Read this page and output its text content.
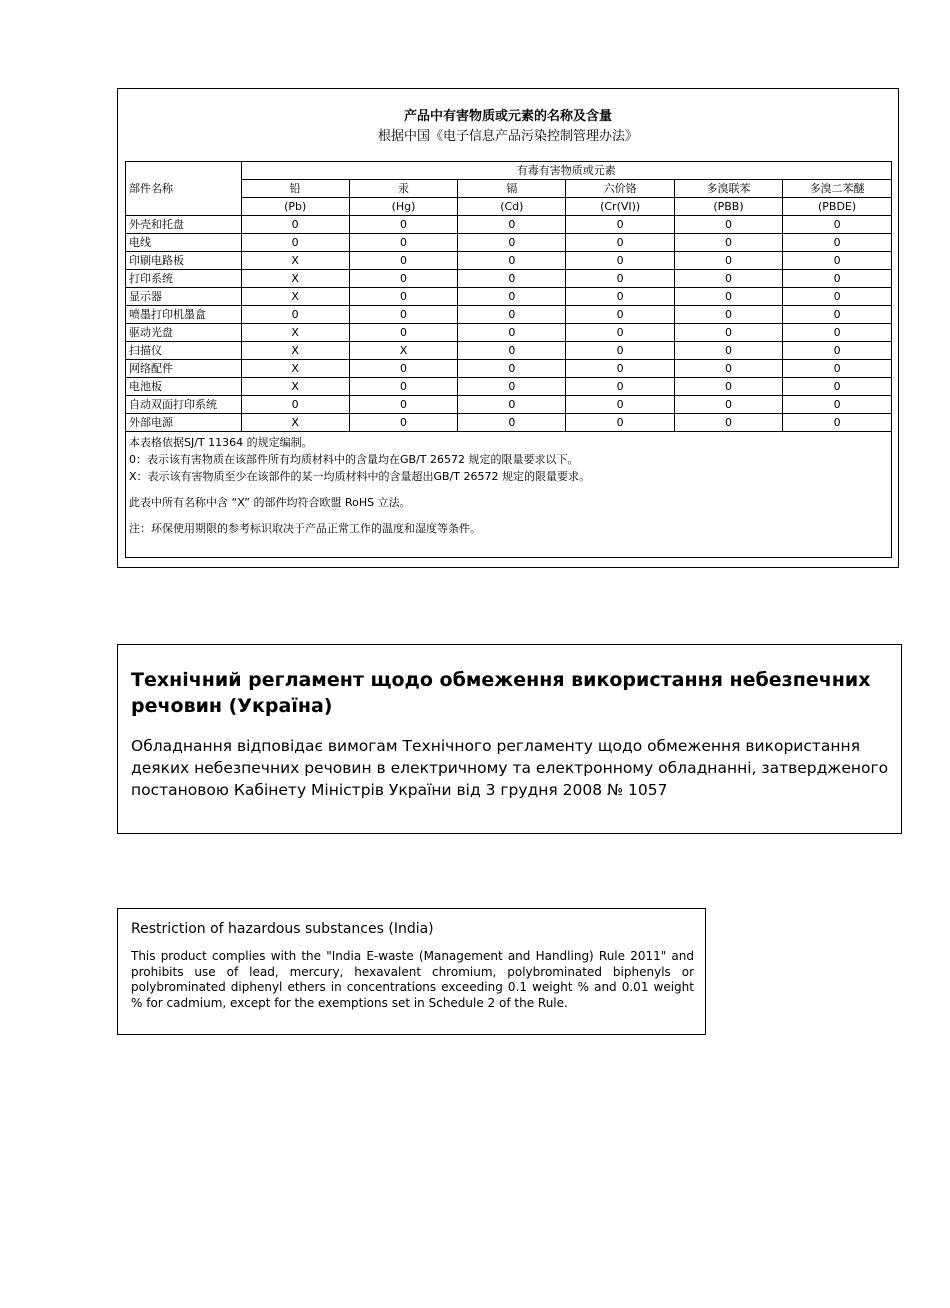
产品中有害物质或元素的名称及含量
根据中国《电子信息产品污染控制管理办法》
部件名称	有毒有害物质或元素					
	铅	汞	镉	六价铬	多溴联苯	多溴二苯醚
	(Pb)	(Hg)	(Cd)	(Cr(VI))	(PBB)	(PBDE)
外壳和托盘	0	0	0	0	0	0
电线	0	0	0	0	0	0
印刷电路板	X	0	0	0	0	0
打印系统	X	0	0	0	0	0
显示器	X	0	0	0	0	0
喷墨打印机墨盒	0	0	0	0	0	0
驱动光盘	X	0	0	0	0	0
扫描仪	X	X	0	0	0	0
网络配件	X	0	0	0	0	0
电池板	X	0	0	0	0	0
自动双面打印系统	0	0	0	0	0	0
外部电源	X	0	0	0	0	0
本表格依据SJ/T 11364 的规定编制。
0：表示该有害物质在该部件所有均质材料中的含量均在GB/T 26572 规定的限量要求以下。
X：表示该有害物质至少在该部件的某一均质材料中的含量超出GB/T 26572 规定的限量要求。
此表中所有名称中含 “X” 的部件均符合欧盟 RoHS 立法。
注：环保使用期限的参考标识取决于产品正常工作的温度和湿度等条件。
Технічний регламент щодо обмеження використання небезпечних речовин (Україна)
Обладнання відповідає вимогам Технічного регламенту щодо обмеження використання деяких небезпечних речовин в електричному та електронному обладнанні, затвердженого постановою Кабінету Міністрів України від 3 грудня 2008 № 1057
Restriction of hazardous substances (India)
This product complies with the "India E-waste (Management and Handling) Rule 2011" and prohibits use of lead, mercury, hexavalent chromium, polybrominated biphenyls or polybrominated diphenyl ethers in concentrations exceeding 0.1 weight % and 0.01 weight % for cadmium, except for the exemptions set in Schedule 2 of the Rule.
